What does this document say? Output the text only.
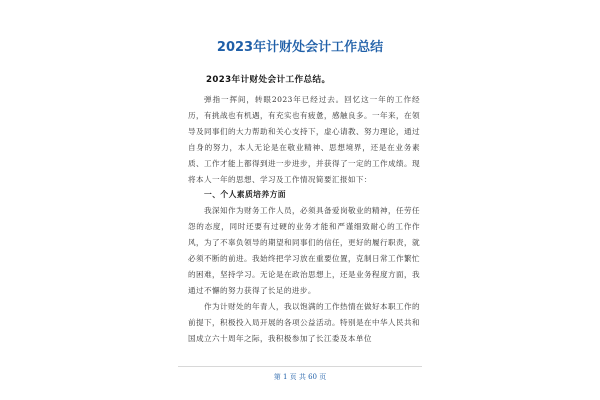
2023年计财处会计工作总结

2023年计财处会计工作总结。

弹指一挥间，转眼2023年已经过去。回忆这一年的工作经历，有挑战也有机遇，有充实也有疲惫，感触良多。一年来，在领导及同事们的大力帮助和关心支持下，虚心请教、努力理论，通过自身的努力，本人无论是在敬业精神、思想境界，还是在业务素质、工作才能上都得到进一步进步，并获得了一定的工作成绩。现将本人一年的思想、学习及工作情况简要汇报如下：

一、个人素质培养方面

我深知作为财务工作人员，必须具备爱岗敬业的精神，任劳任怨的态度，同时还要有过硬的业务才能和严谨细致耐心的工作作风，为了不辜负领导的期望和同事们的信任，更好的履行职责，就必须不断的前进。我始终把学习放在重要位置，克制日常工作繁忙的困难，坚持学习。无论是在政治思想上，还是业务程度方面，我通过不懈的努力获得了长足的进步。

作为计财处的年青人，我以饱满的工作热情在做好本职工作的前提下，积极投入局开展的各项公益活动。特别是在中华人民共和国成立六十周年之际，我积极参加了长江委及本单位

第 1 页 共 60 页
